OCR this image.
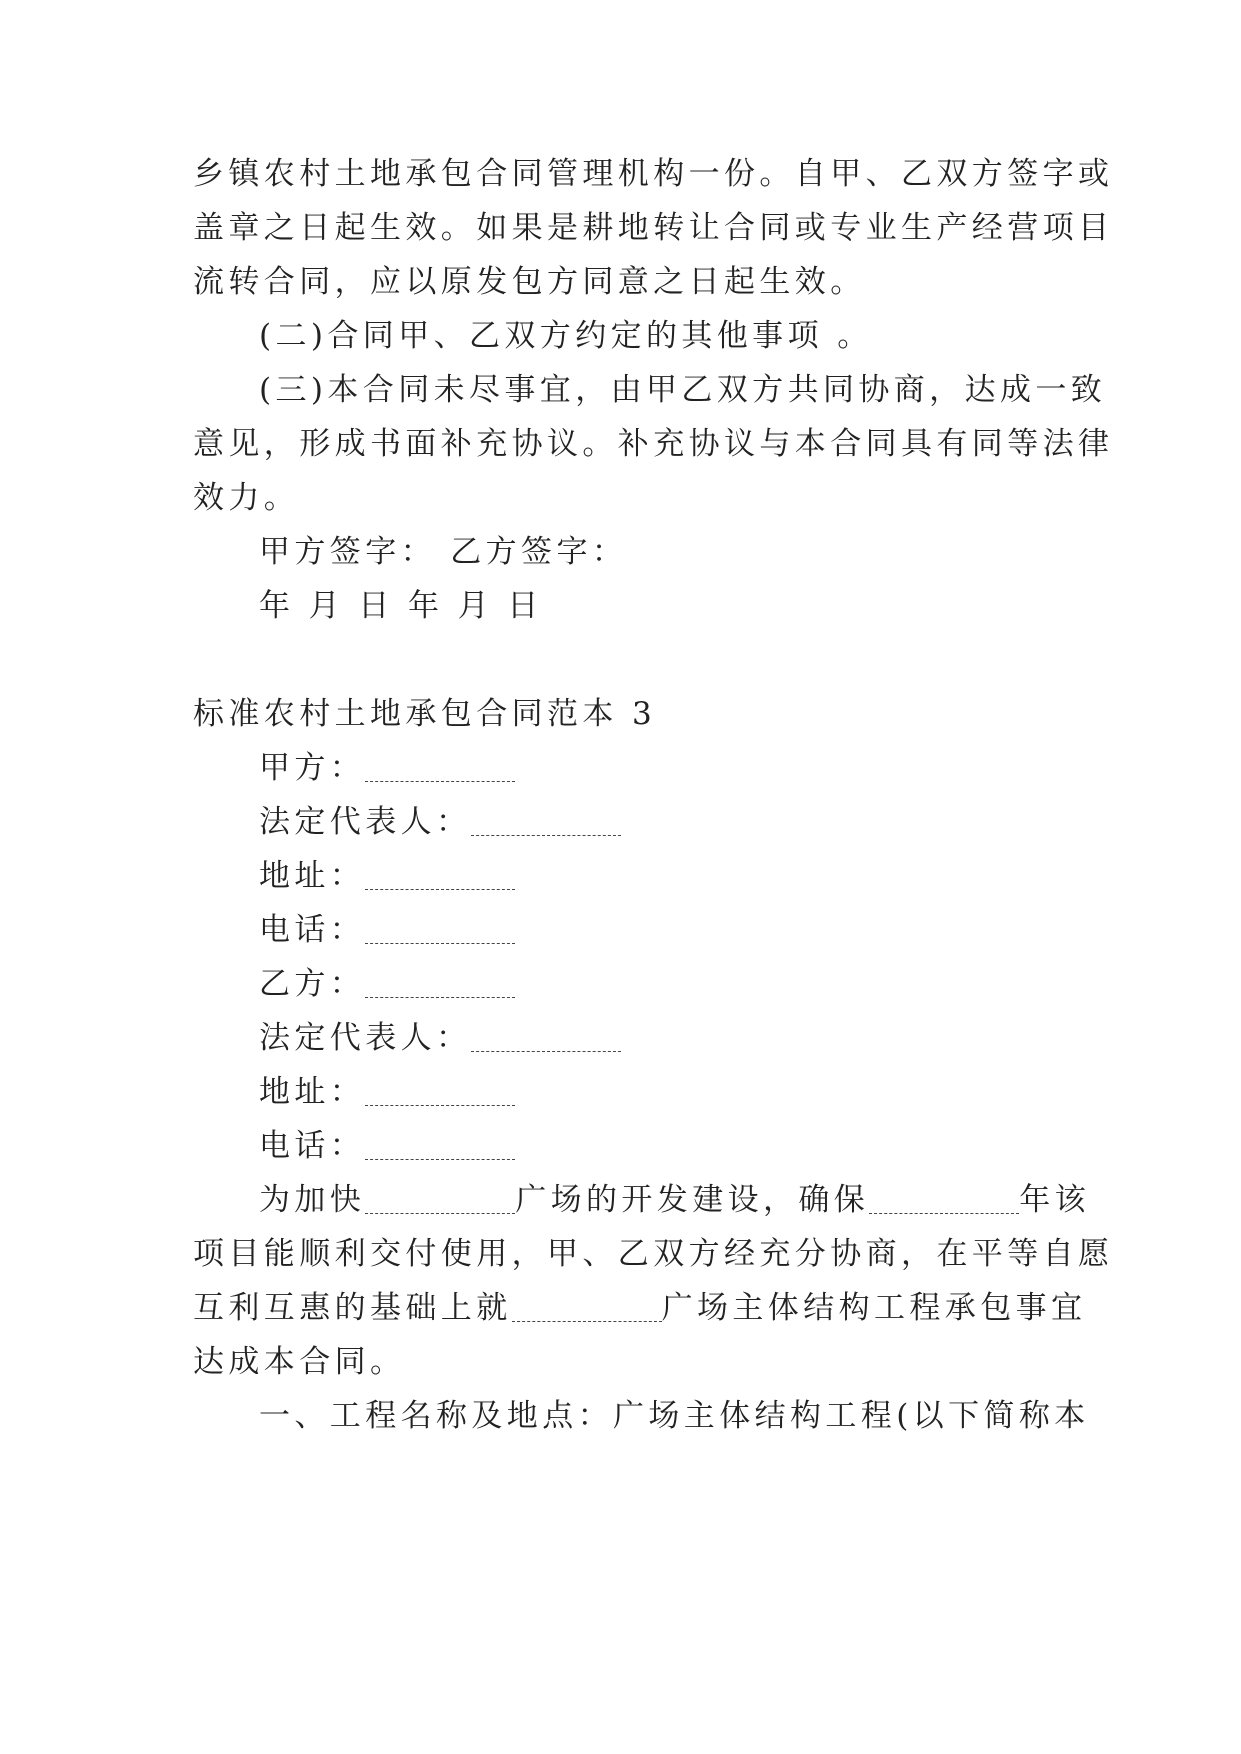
乡镇农村土地承包合同管理机构一份。自甲、乙双方签字或
盖章之日起生效。如果是耕地转让合同或专业生产经营项目
流转合同，应以原发包方同意之日起生效。
(二)合同甲、乙双方约定的其他事项 。
(三)本合同未尽事宜，由甲乙双方共同协商，达成一致
意见，形成书面补充协议。补充协议与本合同具有同等法律
效力。
甲方签字： 乙方签字：
年 月 日 年 月 日
标准农村土地承包合同范本 3
甲方：
法定代表人：
地址：
电话：
乙方：
法定代表人：
地址：
电话：
为加快	广场的开发建设，确保	年该
项目能顺利交付使用，甲、乙双方经充分协商，在平等自愿
互利互惠的基础上就	广场主体结构工程承包事宜
达成本合同。
一、工程名称及地点：广场主体结构工程(以下简称本
